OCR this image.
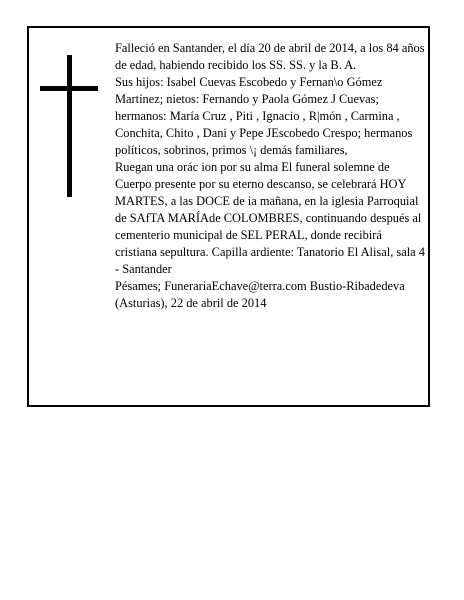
Falleció en Santander, el día 20 de abril de 2014, a los 84 años de edad, habiendo recibido los SS. SS. y la B. A.

Sus hijos: Isabel Cuevas Escobedo y Fernan\o Gómez Martínez; nietos: Fernando y Paola Gómez J Cuevas; hermanos: María Cruz , Piti , Ignacio , R|món , Carmina , Conchita, Chito , Dani y Pepe JEscobedo Crespo; hermanos políticos, sobrinos, primos \¡ demás familiares,

Ruegan una orác ion por su alma El funeral solemne de Cuerpo presente por su eterno descanso, se celebrará HOY MARTES, a las DOCE de ia mañana, en la iglesia Parroquial de SAfTA MARÍAde COLOMBRES, continuando después al cementerio municipal de SEL PERAL, donde recibirá cristiana sepultura. Capilla ardiente: Tanatorio El Alisal, sala 4 - Santander

Pésames; FunerariaEchave@terra.com Bustio-Ribadedeva (Asturias), 22 de abril de 2014
